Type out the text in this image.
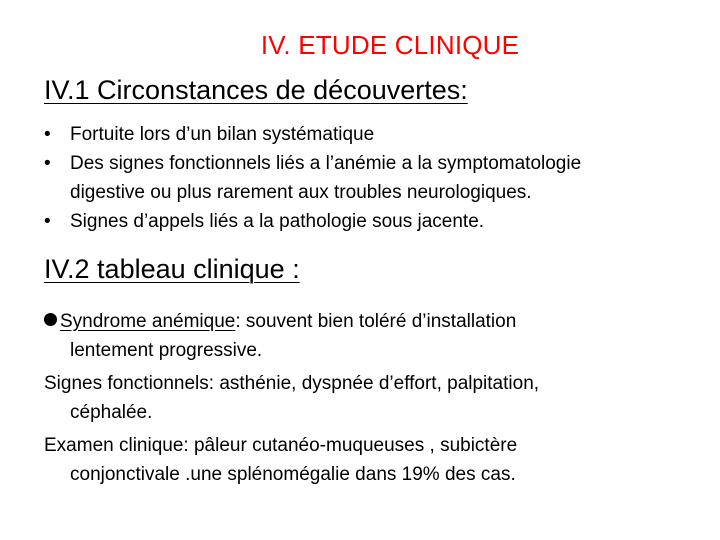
IV. ETUDE CLINIQUE
IV.1 Circonstances de découvertes:
•	Fortuite lors d’un bilan systématique
•	Des signes fonctionnels liés a l’anémie a la symptomatologie
digestive ou plus rarement aux troubles neurologiques.
•	Signes d’appels liés a la pathologie sous jacente.
IV.2 tableau clinique :
Syndrome anémique: souvent bien toléré d’installation
lentement progressive.
Signes fonctionnels: asthénie, dyspnée d’effort, palpitation,
céphalée.
Examen clinique: pâleur cutanéo-muqueuses , subictère
conjonctivale .une splénomégalie dans 19% des cas.
